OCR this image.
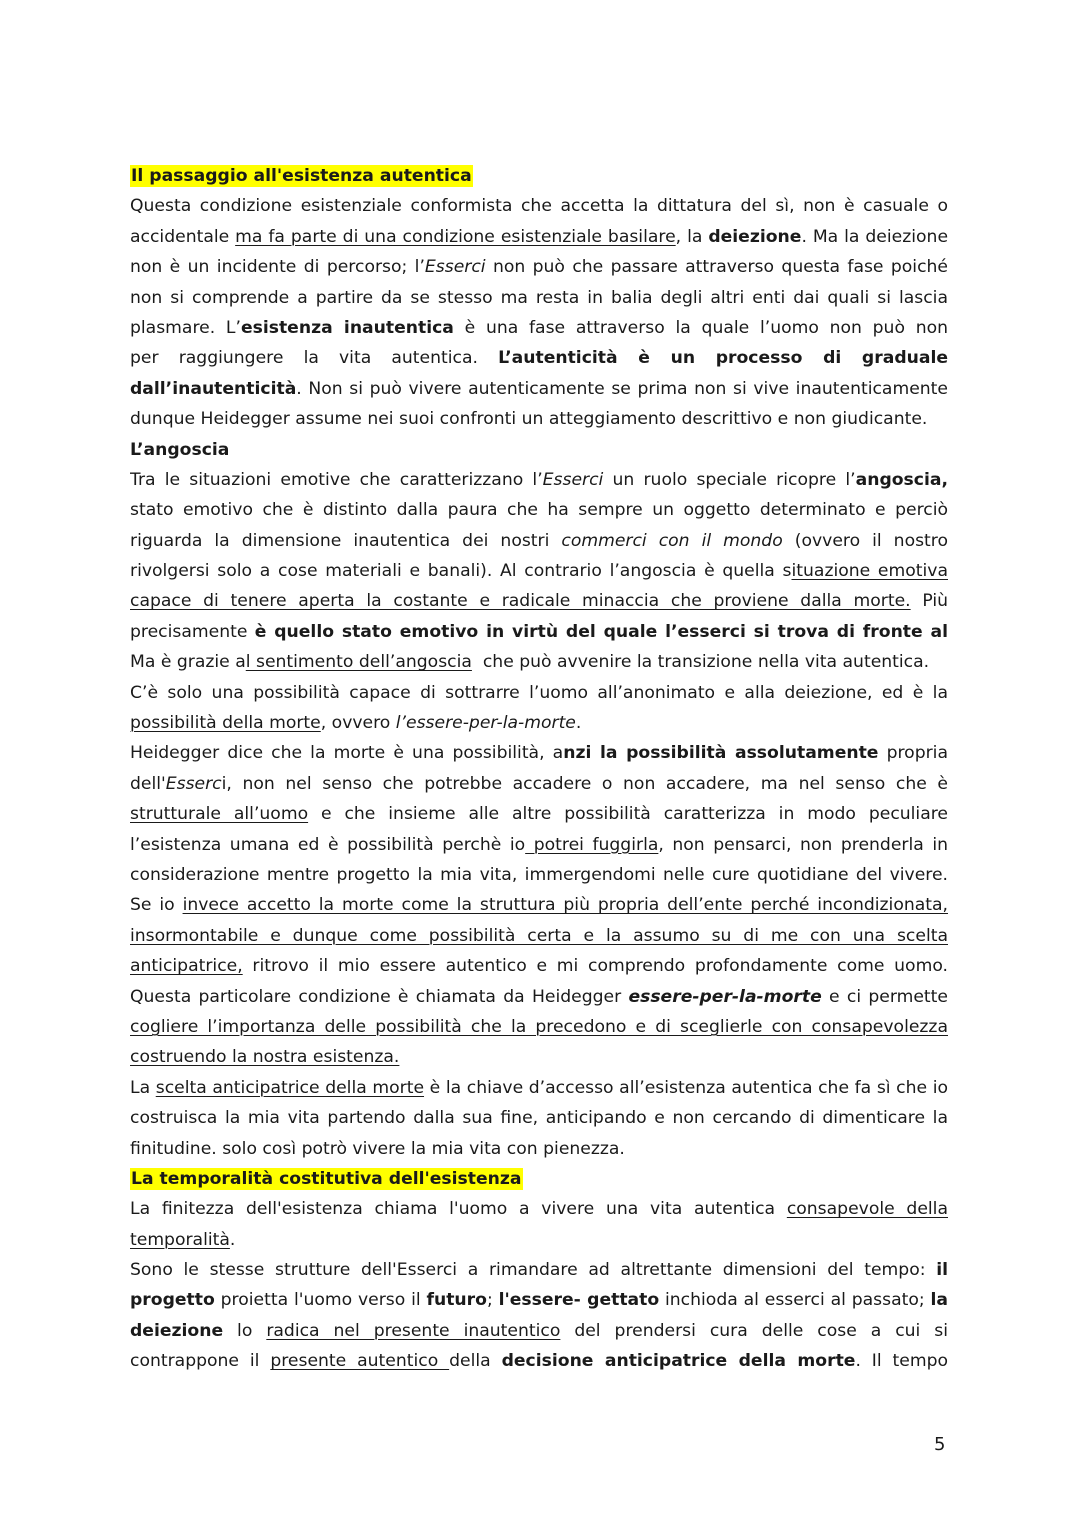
Il passaggio all'esistenza autentica
Questa condizione esistenziale conformista che accetta la dittatura del sì, non è casuale o
accidentale ma fa parte di una condizione esistenziale basilare, la deiezione. Ma la deiezione
non è un incidente di percorso; l’Esserci non può che passare attraverso questa fase poiché
non si comprende a partire da se stesso ma resta in balia degli altri enti dai quali si lascia
plasmare. L’esistenza inautentica è una fase attraverso la quale l’uomo non può non
per raggiungere la vita autentica. L’autenticità è un processo di graduale
dall’inautenticità. Non si può vivere autenticamente se prima non si vive inautenticamente
dunque Heidegger assume nei suoi confronti un atteggiamento descrittivo e non giudicante.
L’angoscia
Tra le situazioni emotive che caratterizzano l’Esserci un ruolo speciale ricopre l’angoscia,
stato emotivo che è distinto dalla paura che ha sempre un oggetto determinato e perciò
riguarda la dimensione inautentica dei nostri commerci con il mondo (ovvero il nostro
rivolgersi solo a cose materiali e banali). Al contrario l’angoscia è quella situazione emotiva
capace di tenere aperta la costante e radicale minaccia che proviene dalla morte. Più
precisamente è quello stato emotivo in virtù del quale l’esserci si trova di fronte al
Ma è grazie al sentimento dell’angoscia  che può avvenire la transizione nella vita autentica.
C’è solo una possibilità capace di sottrarre l’uomo all’anonimato e alla deiezione, ed è la
possibilità della morte, ovvero l’essere-per-la-morte.
Heidegger dice che la morte è una possibilità, anzi la possibilità assolutamente propria
dell'Esserci, non nel senso che potrebbe accadere o non accadere, ma nel senso che è
strutturale all’uomo e che insieme alle altre possibilità caratterizza in modo peculiare
l’esistenza umana ed è possibilità perchè io potrei fuggirla, non pensarci, non prenderla in
considerazione mentre progetto la mia vita, immergendomi nelle cure quotidiane del vivere.
Se io invece accetto la morte come la struttura più propria dell’ente perché incondizionata,
insormontabile e dunque come possibilità certa e la assumo su di me con una scelta
anticipatrice, ritrovo il mio essere autentico e mi comprendo profondamente come uomo.
Questa particolare condizione è chiamata da Heidegger essere-per-la-morte e ci permette
cogliere l’importanza delle possibilità che la precedono e di sceglierle con consapevolezza
costruendo la nostra esistenza.
La scelta anticipatrice della morte è la chiave d’accesso all’esistenza autentica che fa sì che io
costruisca la mia vita partendo dalla sua fine, anticipando e non cercando di dimenticare la
finitudine. solo così potrò vivere la mia vita con pienezza.
La temporalità costitutiva dell'esistenza
La finitezza dell'esistenza chiama l'uomo a vivere una vita autentica consapevole della
temporalità.
Sono le stesse strutture dell'Esserci a rimandare ad altrettante dimensioni del tempo: il
progetto proietta l'uomo verso il futuro; l'essere- gettato inchioda al esserci al passato; la
deiezione lo radica nel presente inautentico del prendersi cura delle cose a cui si
contrappone il presente autentico della decisione anticipatrice della morte. Il tempo
5
